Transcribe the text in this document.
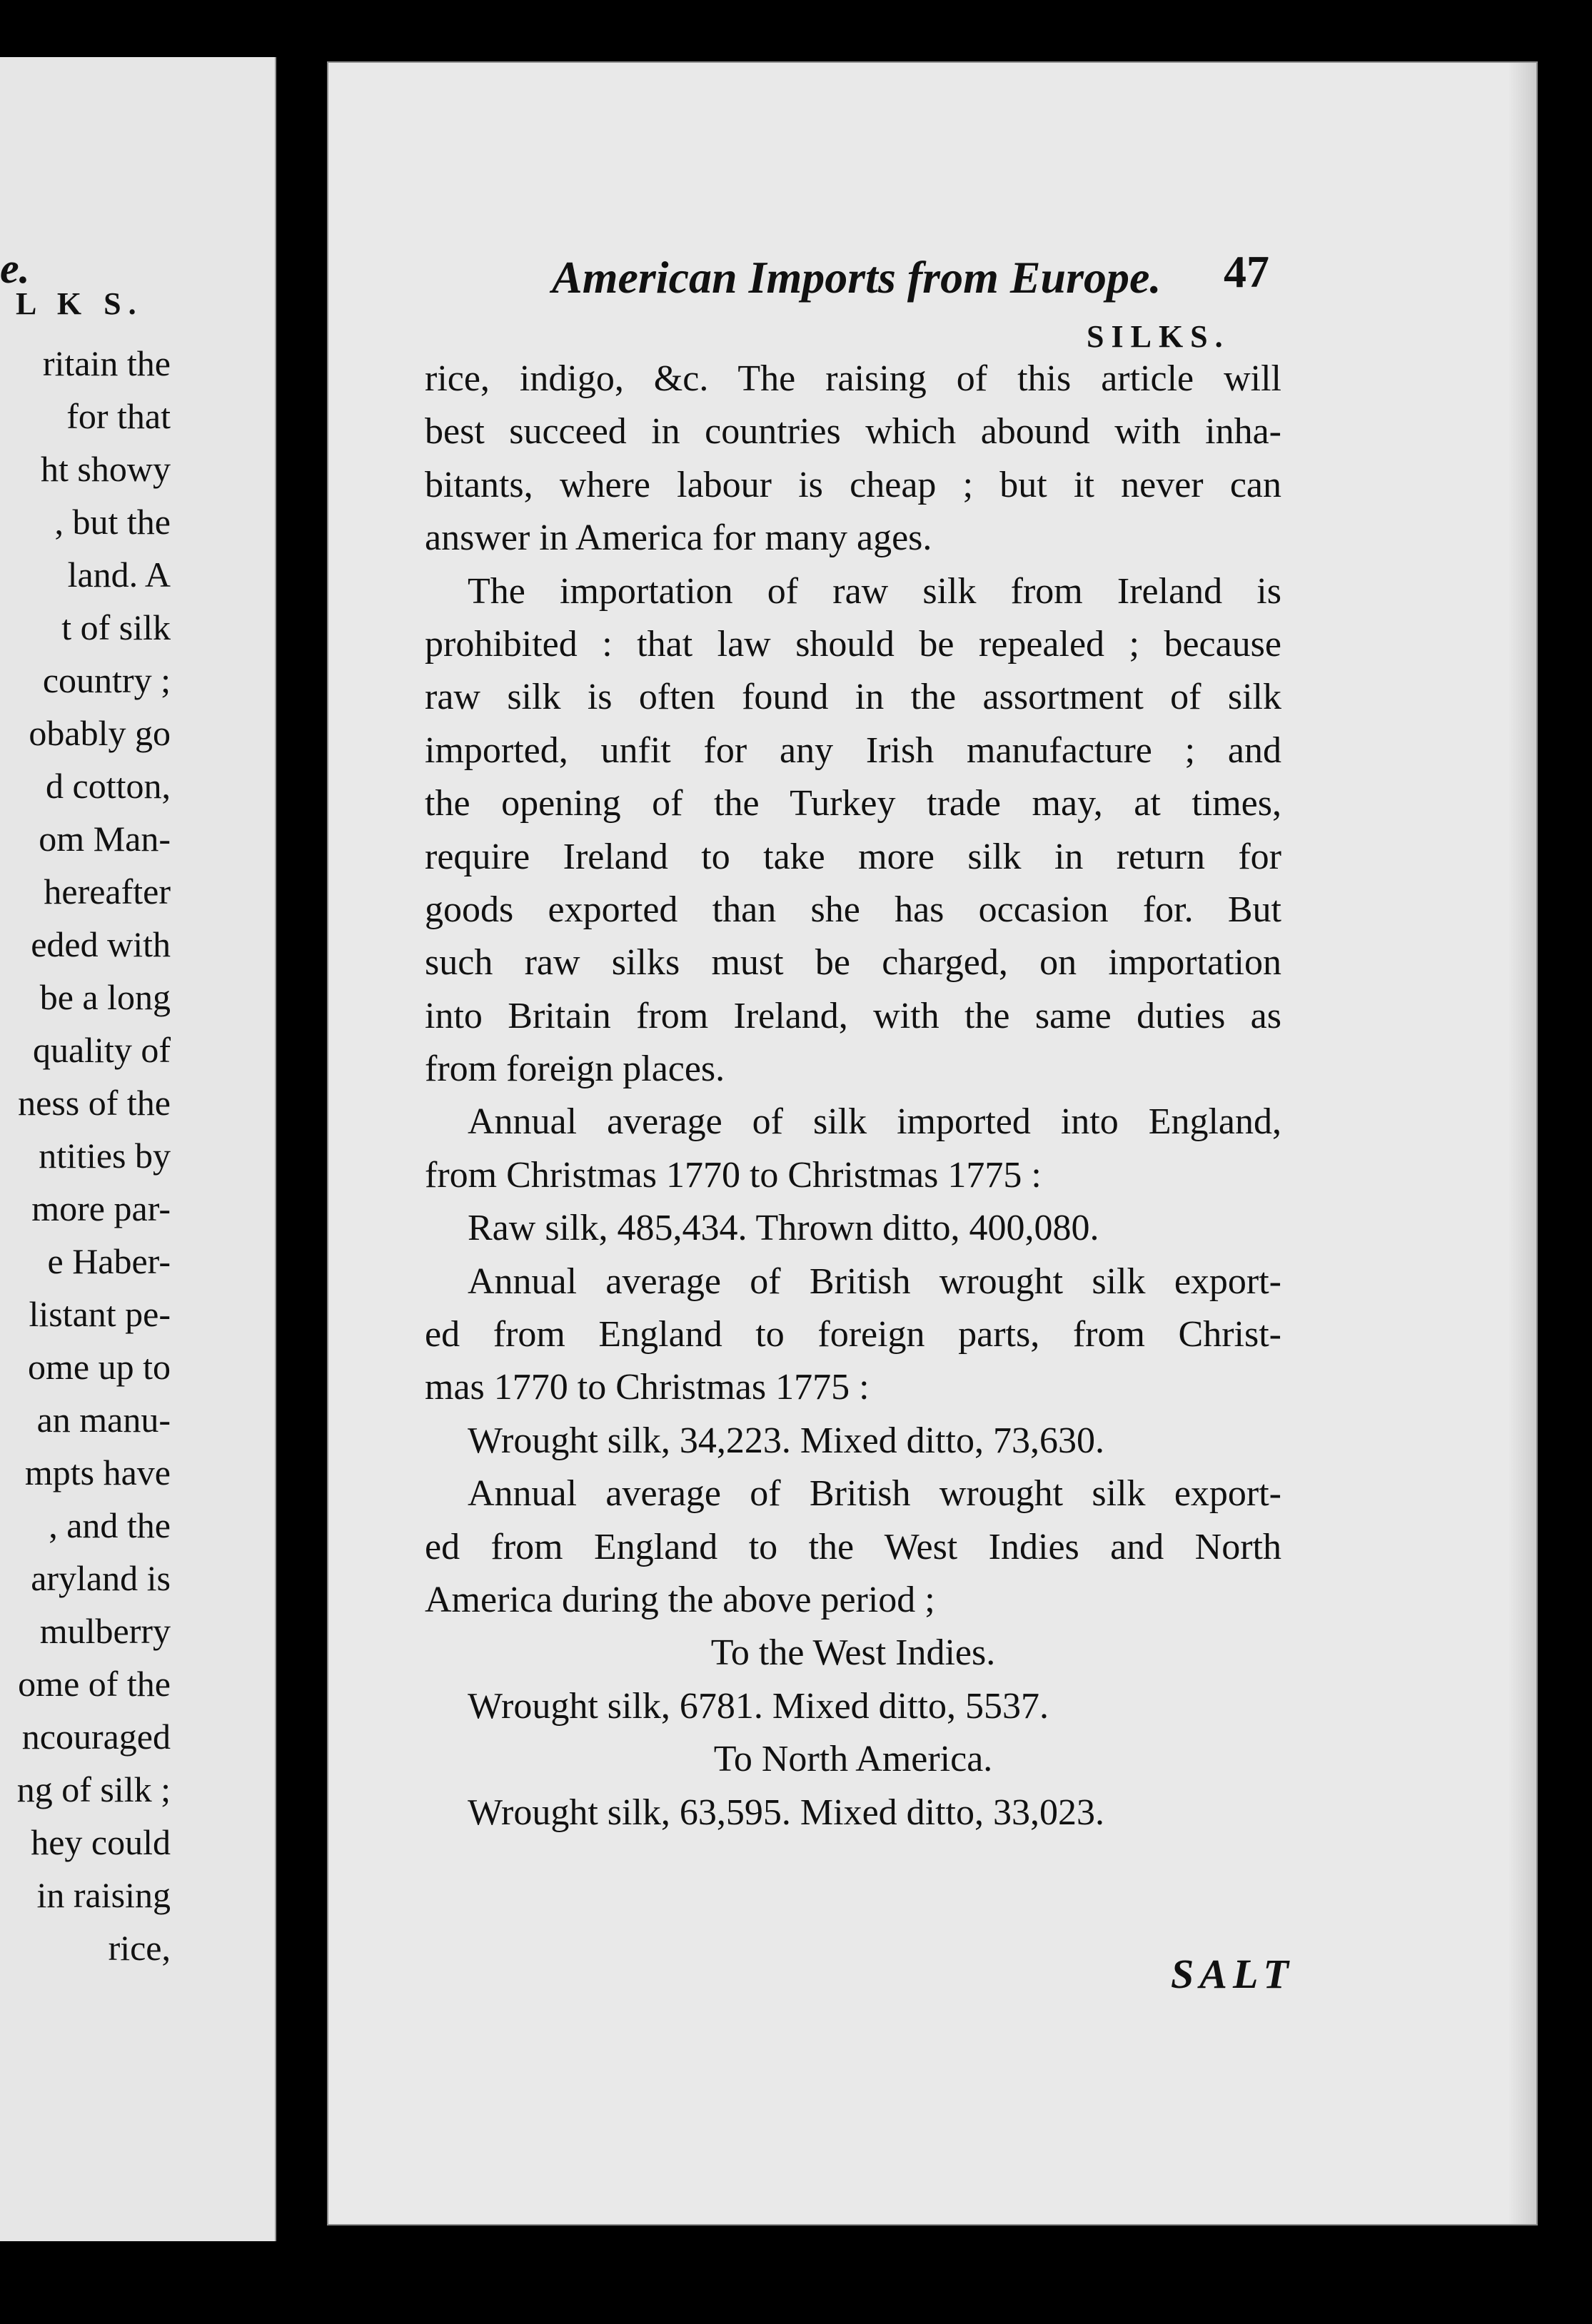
e.
L K S.
ritain the
for that
ht showy
, but the
land. A
t of silk
country ;
obably go
d cotton,
om Man-
hereafter
eded with
be a long
quality of
ness of the
ntities by
more par-
e Haber-
listant pe-
ome up to
an manu-
mpts have
, and the
aryland is
mulberry
ome of the
ncouraged
ng of silk ;
hey could
in raising
rice,
American Imports from Europe. 47
SILKS.
rice, indigo, &c. The raising of this article will
best succeed in countries which abound with inha-
bitants, where labour is cheap ; but it never can
answer in America for many ages.
The importation of raw silk from Ireland is
prohibited : that law should be repealed ; because
raw silk is often found in the assortment of silk
imported, unfit for any Irish manufacture ; and
the opening of the Turkey trade may, at times,
require Ireland to take more silk in return for
goods exported than she has occasion for. But
such raw silks must be charged, on importation
into Britain from Ireland, with the same duties as
from foreign places.
Annual average of silk imported into England,
from Christmas 1770 to Christmas 1775 :
Raw silk, 485,434. Thrown ditto, 400,080.
Annual average of British wrought silk export-
ed from England to foreign parts, from Christ-
mas 1770 to Christmas 1775 :
Wrought silk, 34,223. Mixed ditto, 73,630.
Annual average of British wrought silk export-
ed from England to the West Indies and North
America during the above period ;
To the West Indies.
Wrought silk, 6781. Mixed ditto, 5537.
To North America.
Wrought silk, 63,595. Mixed ditto, 33,023.
SALT
